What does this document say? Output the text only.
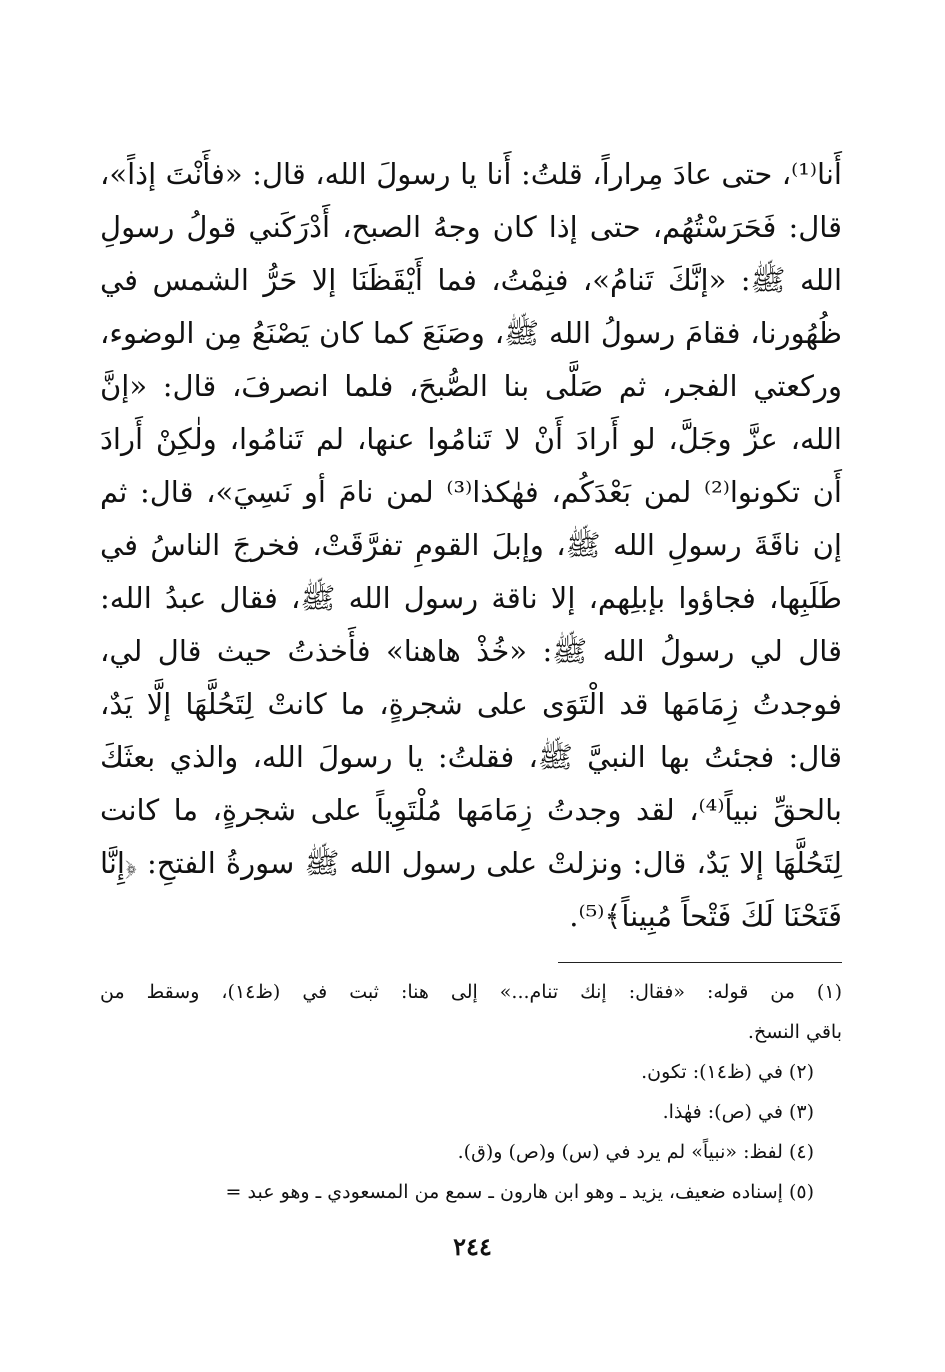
أَنا⁽¹⁾، حتى عادَ مِراراً، قلتُ: أَنا يا رسولَ الله، قال: «فأَنْتَ إذاً»،
قال: فَحَرَسْتُهُم، حتى إذا كان وجهُ الصبح، أَدْرَكَني قولُ رسولِ
الله ﷺ: «إنَّكَ تَنامُ»، فنِمْتُ، فما أَيْقَظَنَا إلا حَرُّ الشمس في
ظُهُورنا، فقامَ رسولُ الله ﷺ، وصَنَعَ كما كان يَصْنَعُ مِن الوضوء،
وركعتي الفجر، ثم صَلَّى بنا الصُّبحَ، فلما انصرفَ، قال: «إنَّ
الله، عزَّ وجَلَّ، لو أَرادَ أَنْ لا تَنامُوا عنها، لم تَنامُوا، ولٰكِنْ أَرادَ
أَن تكونوا⁽²⁾ لمن بَعْدَكُم، فهٰكذا⁽³⁾ لمن نامَ أو نَسِيَ»، قال: ثم
إن ناقَةَ رسولِ الله ﷺ، وإبلَ القومِ تفرَّقَتْ، فخرجَ الناسُ في
طَلَبِها، فجاؤوا بإبلِهم، إلا ناقة رسول الله ﷺ، فقال عبدُ الله:
قال لي رسولُ الله ﷺ: «خُذْ هاهنا» فأَخذتُ حيث قال لي،
فوجدتُ زِمَامَها قد الْتَوَى على شجرةٍ، ما كانتْ لِتَحُلَّهَا إلَّا يَدٌ،
قال: فجئتُ بها النبيَّ ﷺ، فقلتُ: يا رسولَ الله، والذي بعثَكَ
بالحقِّ نبياً⁽⁴⁾، لقد وجدتُ زِمَامَها مُلْتَوِياً على شجرةٍ، ما كانت
لِتَحُلَّهَا إلا يَدٌ، قال: ونزلتْ على رسول الله ﷺ سورةُ الفتحِ: ﴿إِنَّا
فَتَحْنَا لَكَ فَتْحاً مُبِيناً﴾⁽⁵⁾.
(١) من قوله: «فقال: إنك تنام...» إلى هنا: ثبت في (ظ١٤)، وسقط من
باقي النسخ.
(٢) في (ظ١٤): تكون.
(٣) في (ص): فهٰذا.
(٤) لفظ: «نبياً» لم يرد في (س) و(ص) و(ق).
(٥) إسناده ضعيف، يزيد ـ وهو ابن هارون ـ سمع من المسعودي ـ وهو عبد =
٢٤٤
